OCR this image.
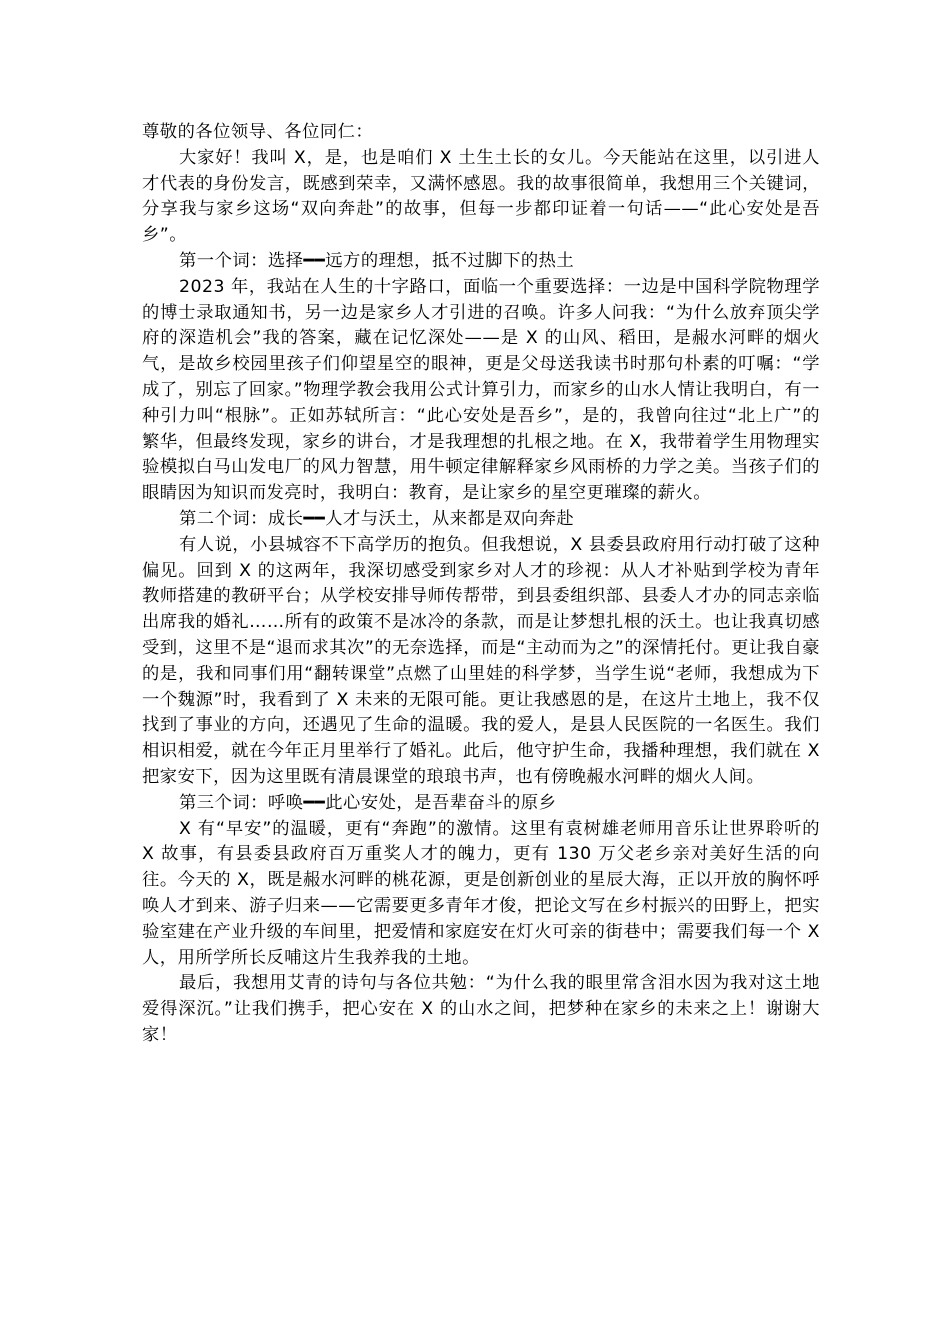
尊敬的各位领导、各位同仁：

大家好！我叫 X，是，也是咱们 X 土生土长的女儿。今天能站在这里，以引进人才代表的身份发言，既感到荣幸，又满怀感恩。我的故事很简单，我想用三个关键词，分享我与家乡这场“双向奔赴”的故事，但每一步都印证着一句话——“此心安处是吾乡”。

第一个词：选择━━远方的理想，抵不过脚下的热土

2023 年，我站在人生的十字路口，面临一个重要选择：一边是中国科学院物理学的博士录取通知书，另一边是家乡人才引进的召唤。许多人问我：“为什么放弃顶尖学府的深造机会”我的答案，藏在记忆深处——是 X 的山风、稻田，是赧水河畔的烟火气，是故乡校园里孩子们仰望星空的眼神，更是父母送我读书时那句朴素的叮嘱：“学成了，别忘了回家。”物理学教会我用公式计算引力，而家乡的山水人情让我明白，有一种引力叫“根脉”。正如苏轼所言：“此心安处是吾乡”，是的，我曾向往过“北上广”的繁华，但最终发现，家乡的讲台，才是我理想的扎根之地。在 X，我带着学生用物理实验模拟白马山发电厂的风力智慧，用牛顿定律解释家乡风雨桥的力学之美。当孩子们的眼睛因为知识而发亮时，我明白：教育，是让家乡的星空更璀璨的薪火。

第二个词：成长━━人才与沃土，从来都是双向奔赴

有人说，小县城容不下高学历的抱负。但我想说，X 县委县政府用行动打破了这种偏见。回到 X 的这两年，我深切感受到家乡对人才的珍视：从人才补贴到学校为青年教师搭建的教研平台；从学校安排导师传帮带，到县委组织部、县委人才办的同志亲临出席我的婚礼……所有的政策不是冰冷的条款，而是让梦想扎根的沃土。也让我真切感受到，这里不是“退而求其次”的无奈选择，而是“主动而为之”的深情托付。更让我自豪的是，我和同事们用“翻转课堂”点燃了山里娃的科学梦，当学生说“老师，我想成为下一个魏源”时，我看到了 X 未来的无限可能。更让我感恩的是，在这片土地上，我不仅找到了事业的方向，还遇见了生命的温暖。我的爱人，是县人民医院的一名医生。我们相识相爱，就在今年正月里举行了婚礼。此后，他守护生命，我播种理想，我们就在 X 把家安下，因为这里既有清晨课堂的琅琅书声，也有傍晚赧水河畔的烟火人间。

第三个词：呼唤━━此心安处，是吾辈奋斗的原乡

X 有“早安”的温暖，更有“奔跑”的激情。这里有袁树雄老师用音乐让世界聆听的 X 故事，有县委县政府百万重奖人才的魄力，更有 130 万父老乡亲对美好生活的向往。今天的 X，既是赧水河畔的桃花源，更是创新创业的星辰大海，正以开放的胸怀呼唤人才到来、游子归来——它需要更多青年才俊，把论文写在乡村振兴的田野上，把实验室建在产业升级的车间里，把爱情和家庭安在灯火可亲的街巷中；需要我们每一个 X 人，用所学所长反哺这片生我养我的土地。

最后，我想用艾青的诗句与各位共勉：“为什么我的眼里常含泪水因为我对这土地爱得深沉。”让我们携手，把心安在 X 的山水之间，把梦种在家乡的未来之上！谢谢大家！
